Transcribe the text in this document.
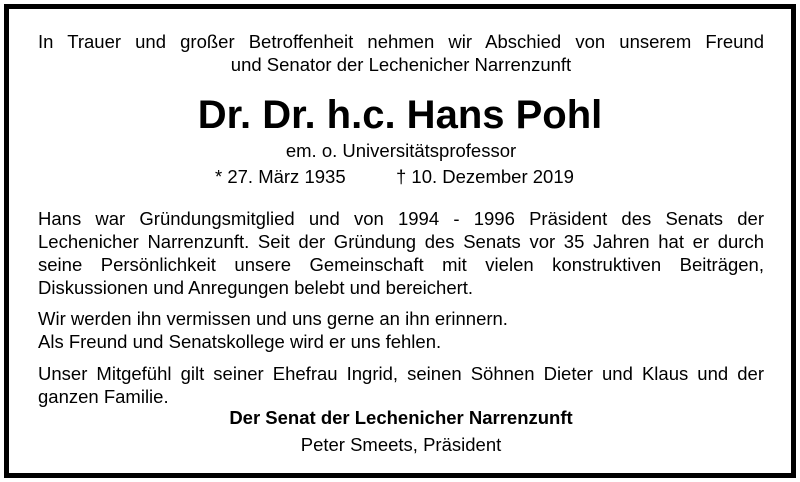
In Trauer und großer Betroffenheit nehmen wir Abschied von unserem Freund
und Senator der Lechenicher Narrenzunft
Dr. Dr. h.c. Hans Pohl
em. o. Universitätsprofessor
* 27. März 1935	† 10. Dezember 2019
Hans war Gründungsmitglied und von 1994 - 1996 Präsident des Senats der
Lechenicher Narrenzunft. Seit der Gründung des Senats vor 35 Jahren hat er durch
seine Persönlichkeit unsere Gemeinschaft mit vielen konstruktiven Beiträgen,
Diskussionen und Anregungen belebt und bereichert.
Wir werden ihn vermissen und uns gerne an ihn erinnern.
Als Freund und Senatskollege wird er uns fehlen.
Unser Mitgefühl gilt seiner Ehefrau Ingrid, seinen Söhnen Dieter und Klaus und der
ganzen Familie.
Der Senat der Lechenicher Narrenzunft
Peter Smeets, Präsident
